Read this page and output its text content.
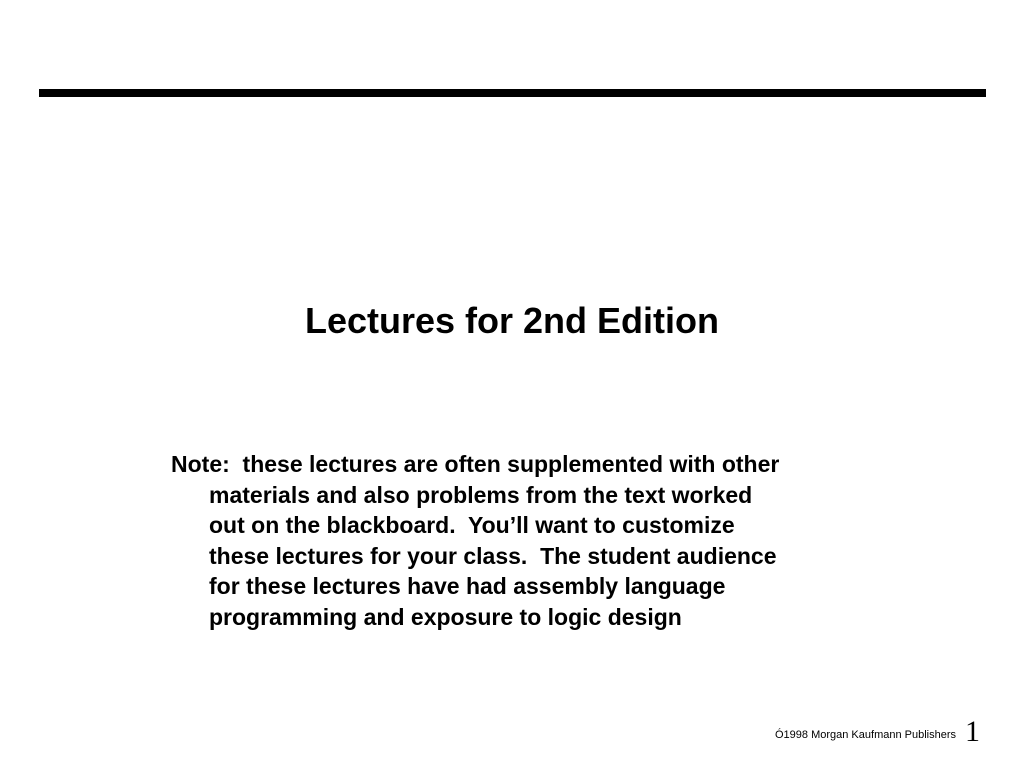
Lectures for 2nd Edition
Note:  these lectures are often supplemented with other
materials and also problems from the text worked
out on the blackboard.  You’ll want to customize
these lectures for your class.  The student audience
for these lectures have had assembly language
programming and exposure to logic design
Ó1998 Morgan Kaufmann Publishers 1
